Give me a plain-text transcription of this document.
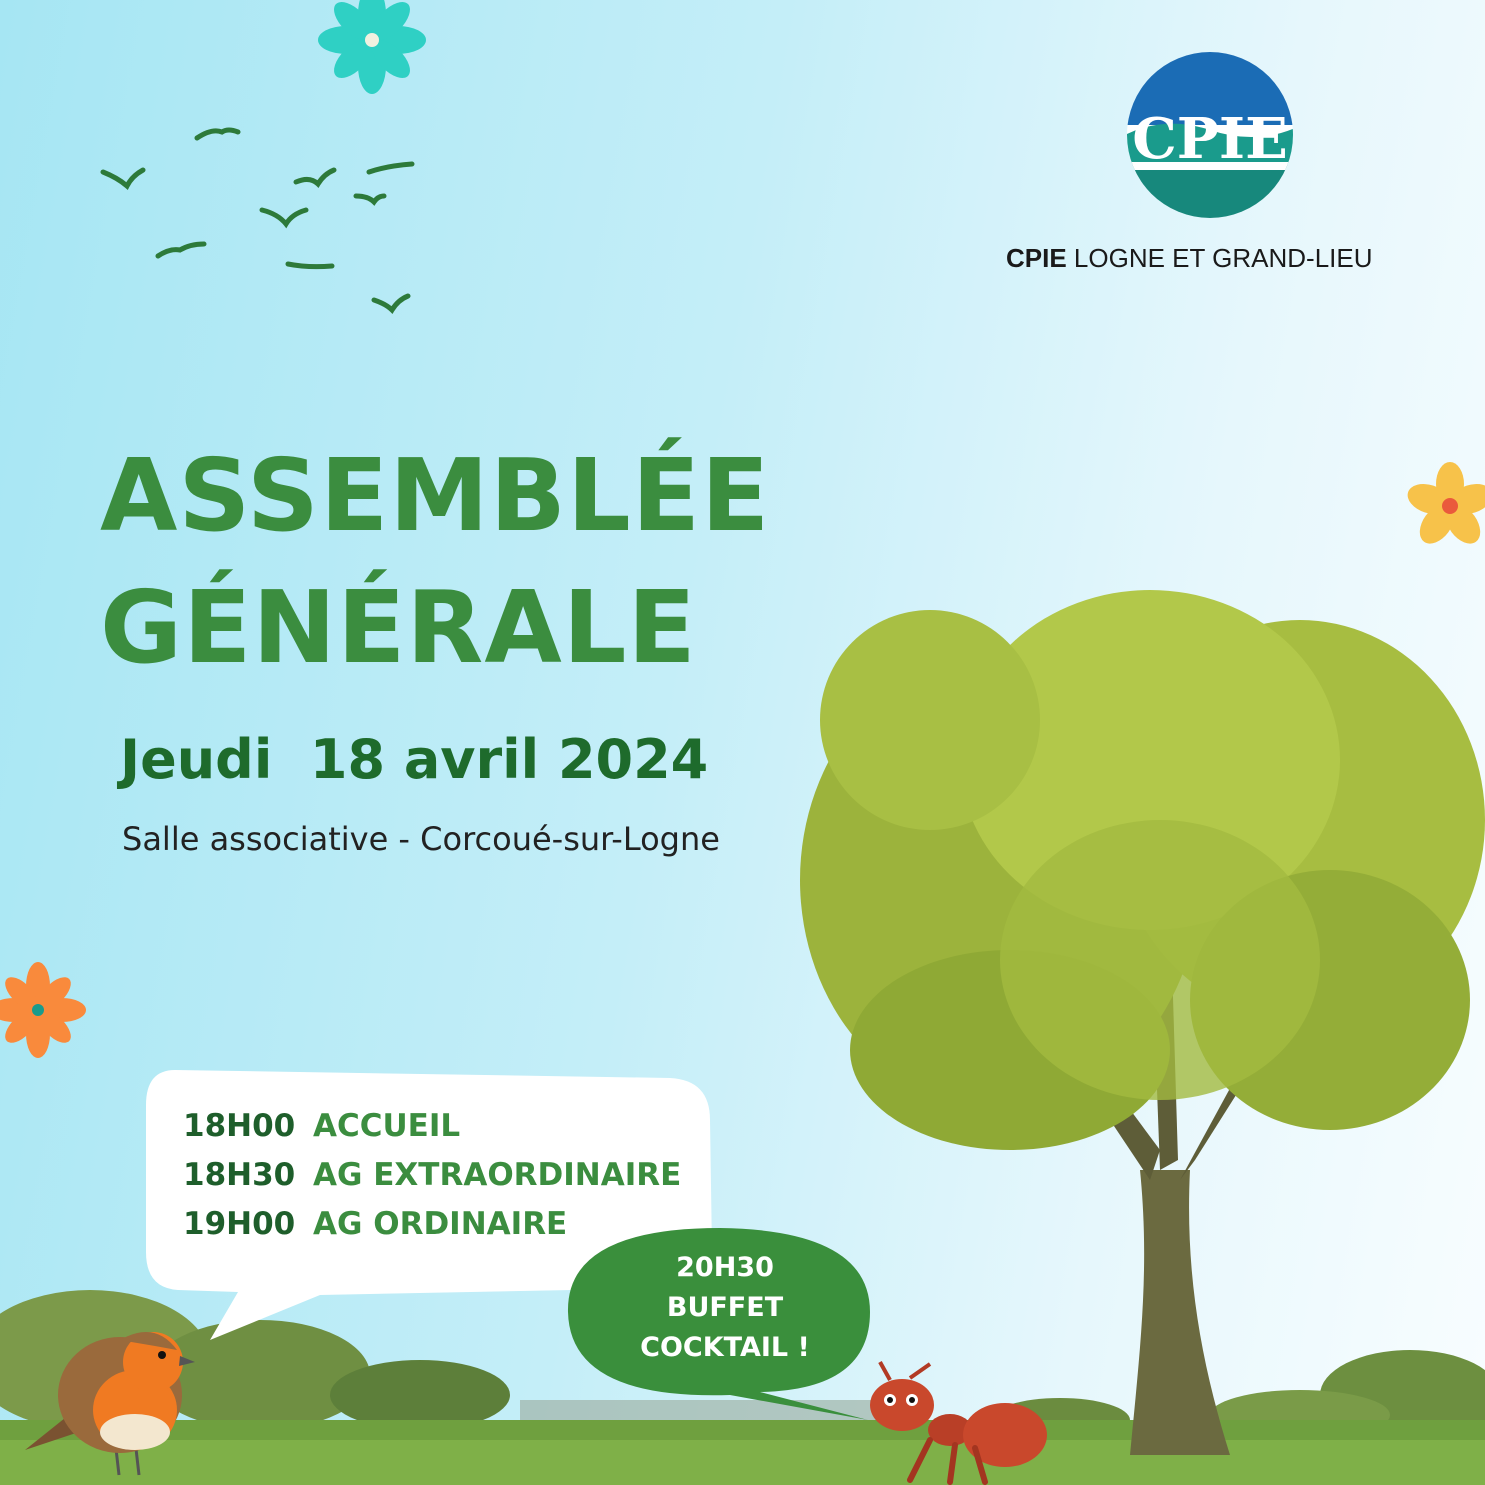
CPIE

CPIE LOGNE ET GRAND-LIEU

ASSEMBLÉE
GÉNÉRALE

Jeudi  18 avril 2024

Salle associative - Corcoué-sur-Logne

18H00 ACCUEIL
18H30 AG EXTRAORDINAIRE
19H00 AG ORDINAIRE

20H30
BUFFET
COCKTAIL !
